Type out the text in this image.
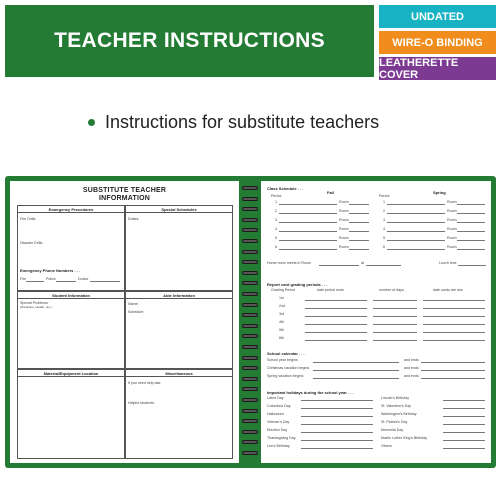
TEACHER INSTRUCTIONS
UNDATED
WIRE-O BINDING
LEATHERETTE COVER
Instructions for substitute teachers
SUBSTITUTE TEACHER
INFORMATION
Emergency Procedures
Fire Drills:
Disaster Drills:
Emergency Phone Numbers . . .
Fire	Police	Doctor
Special Schedules
Duties:
Student Information
Special Problems
(Discipline, Health, etc.)
Aide Information
Name:
Schedule:
Material/Equipment Location	Miscellaneous
If you need help ask:
Helpful students:
Class Schedule . . .
Fall	Spring
Period	Period
1	Room	1	Room
2	Room	2	Room
3	Room	3	Room
4	Room	4	Room
5	Room	5	Room
6	Room	6	Room
Home room meets in Room	at	Lunch time
Report card grading periods . . .
Grading Period	date period ends	number of days	date cards are due
1st
2nd
3rd
4th
5th
6th
School calendar . . .
School year begins	and ends
Christmas vacation begins	and ends
Spring vacation begins	and ends
Important holidays during the school year . . .
Labor Day	Lincoln's Birthday
Columbus Day	St. Valentine's Day
Halloween	Washington's Birthday
Veteran's Day	St. Patrick's Day
Election Day	Memorial Day
Thanksgiving Day	Martin Luther King's Birthday
Lee's Birthday	Others
